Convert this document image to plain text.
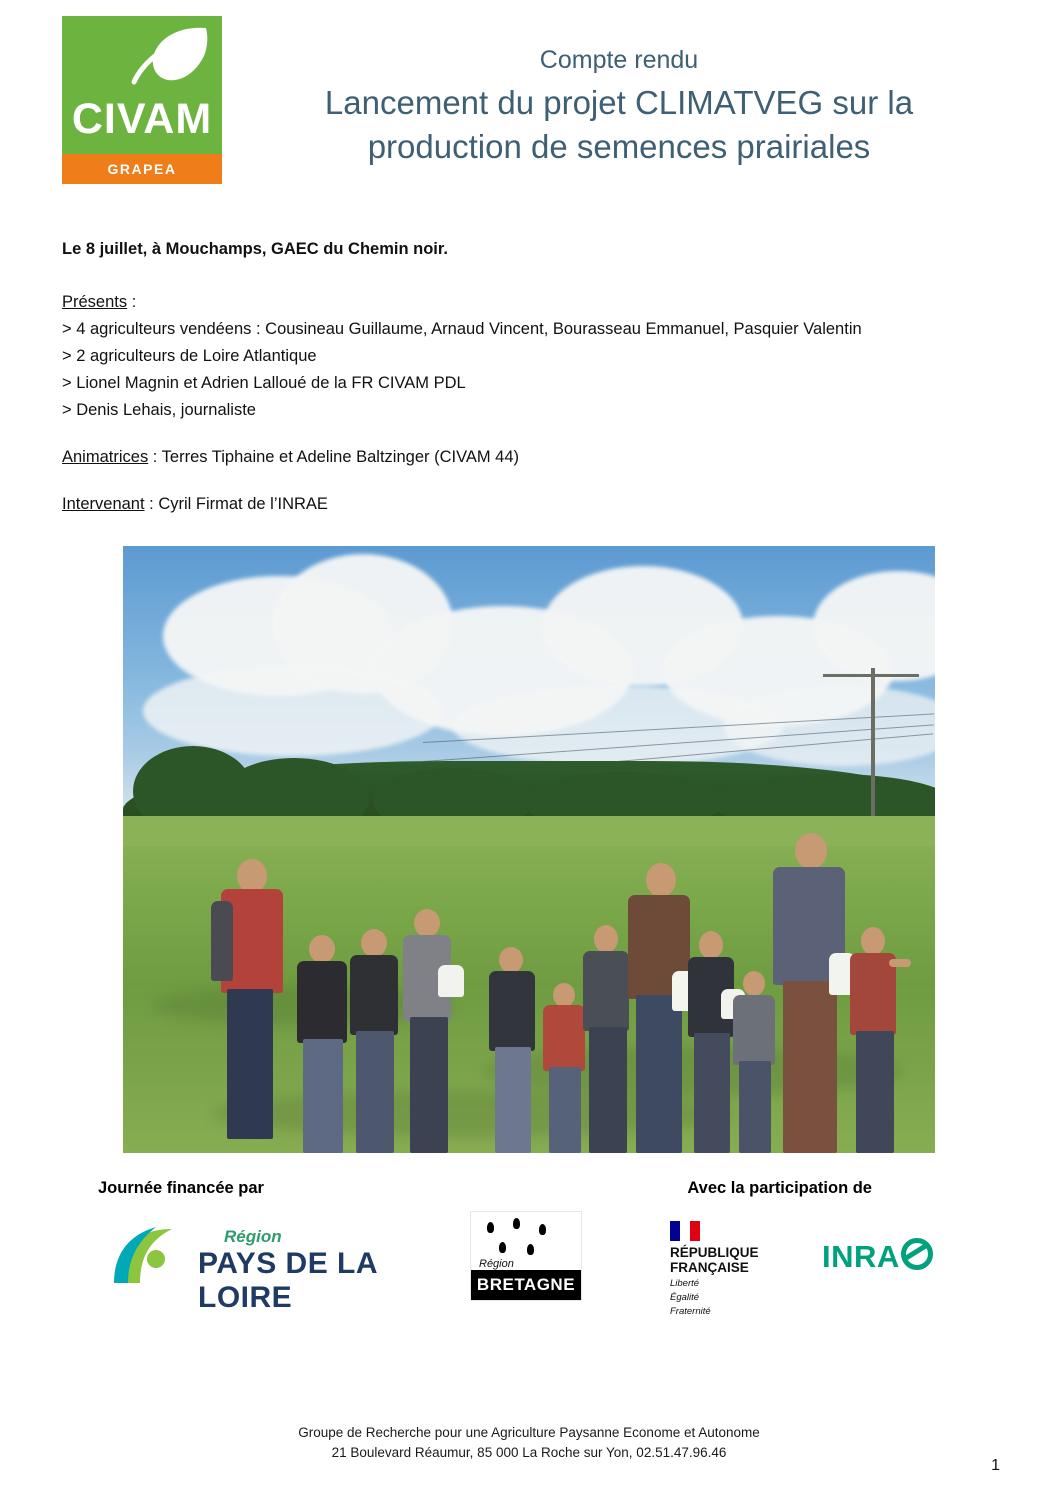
CIVAM
GRAPEA
Compte rendu
Lancement du projet CLIMATVEG sur la
production de semences prairiales
Le 8 juillet, à Mouchamps, GAEC du Chemin noir.
Présents :
> 4 agriculteurs vendéens : Cousineau Guillaume, Arnaud Vincent, Bourasseau Emmanuel, Pasquier Valentin
> 2 agriculteurs de Loire Atlantique
> Lionel Magnin et Adrien Lalloué de la FR CIVAM PDL
> Denis Lehais, journaliste
Animatrices : Terres Tiphaine et Adeline Baltzinger (CIVAM 44)
Intervenant : Cyril Firmat de l’INRAE
Journée financée par	Avec la participation de
Région
PAYS DE LA LOIRE
Région
BRETAGNE
RÉPUBLIQUE
FRANÇAISE
Liberté
Égalité
Fraternité
INRA
Groupe de Recherche pour une Agriculture Paysanne Econome et Autonome
21 Boulevard Réaumur, 85 000 La Roche sur Yon, 02.51.47.96.46
1
